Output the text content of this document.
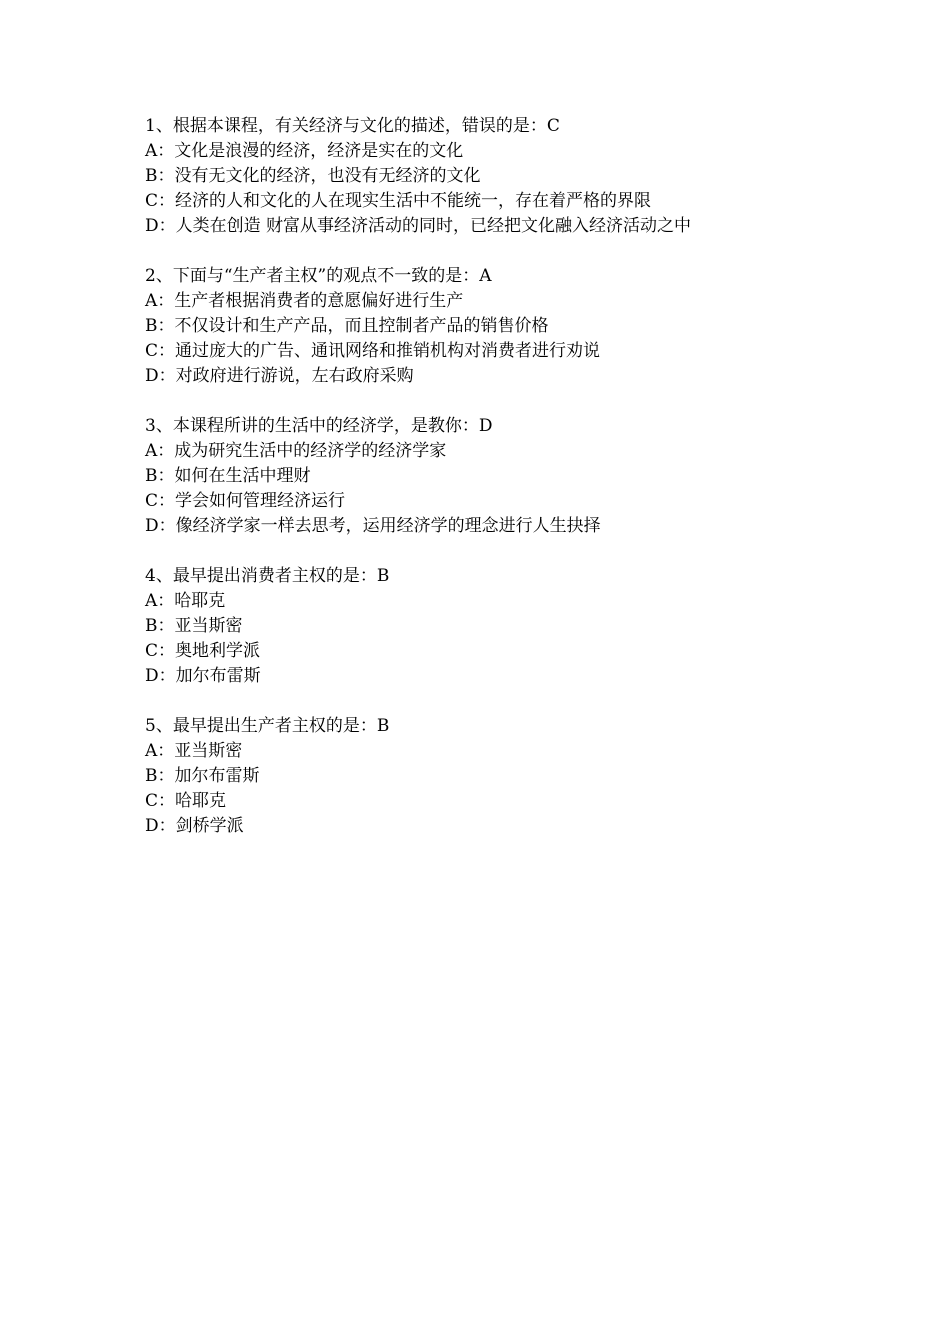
1、根据本课程，有关经济与文化的描述，错误的是：C
A：文化是浪漫的经济，经济是实在的文化
B：没有无文化的经济，也没有无经济的文化
C：经济的人和文化的人在现实生活中不能统一，存在着严格的界限
D：人类在创造 财富从事经济活动的同时，已经把文化融入经济活动之中
2、下面与“生产者主权”的观点不一致的是：A
A：生产者根据消费者的意愿偏好进行生产
B：不仅设计和生产产品，而且控制者产品的销售价格
C：通过庞大的广告、通讯网络和推销机构对消费者进行劝说
D：对政府进行游说，左右政府采购
3、本课程所讲的生活中的经济学，是教你：D
A：成为研究生活中的经济学的经济学家
B：如何在生活中理财
C：学会如何管理经济运行
D：像经济学家一样去思考，运用经济学的理念进行人生抉择
4、最早提出消费者主权的是：B
A：哈耶克
B：亚当斯密
C：奥地利学派
D：加尔布雷斯
5、最早提出生产者主权的是：B
A：亚当斯密
B：加尔布雷斯
C：哈耶克
D：剑桥学派
